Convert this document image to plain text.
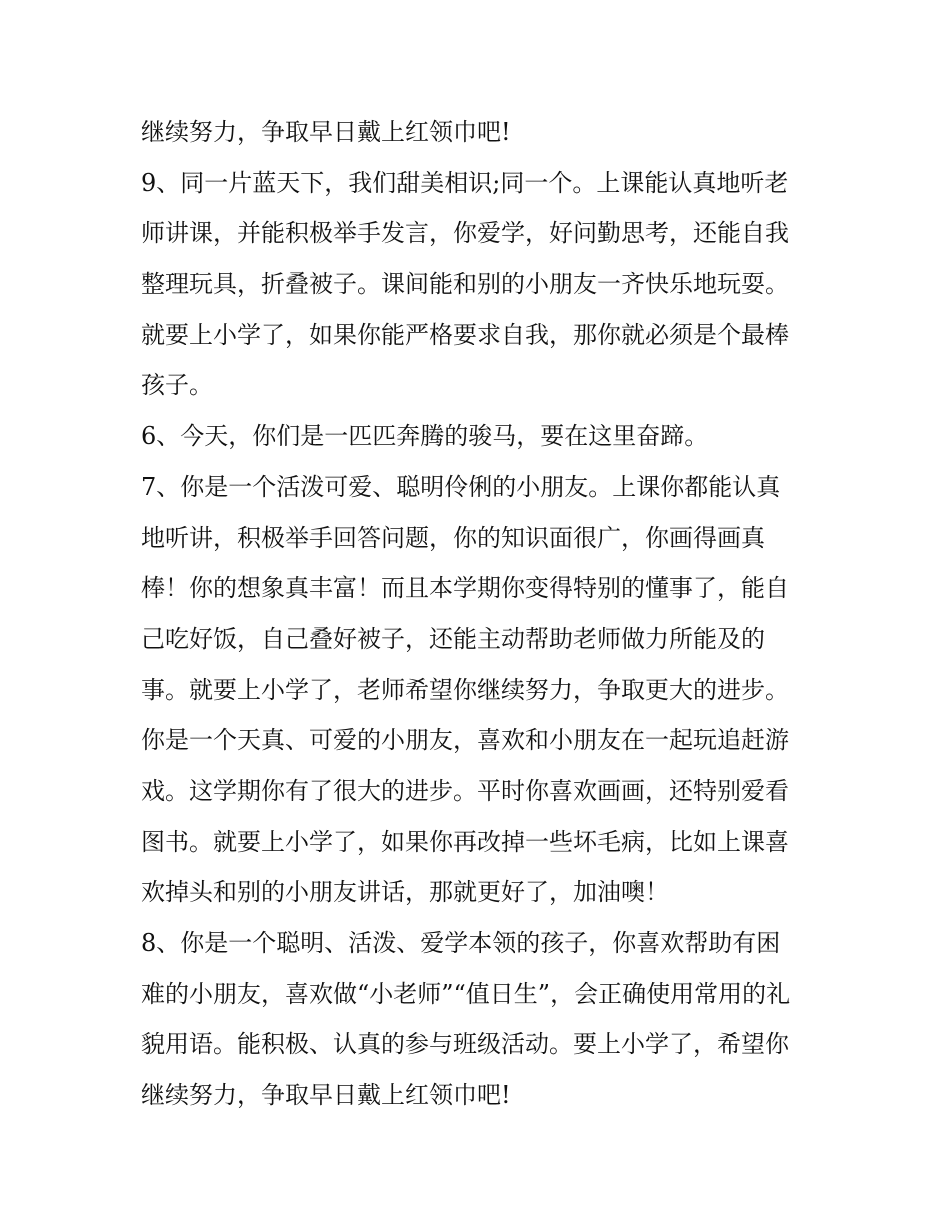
继续努力，争取早日戴上红领巾吧!
9、同一片蓝天下，我们甜美相识;同一个。上课能认真地听老
师讲课，并能积极举手发言，你爱学，好问勤思考，还能自我
整理玩具，折叠被子。课间能和别的小朋友一齐快乐地玩耍。
就要上小学了，如果你能严格要求自我，那你就必须是个最棒
孩子。
6、今天，你们是一匹匹奔腾的骏马，要在这里奋蹄。
7、你是一个活泼可爱、聪明伶俐的小朋友。上课你都能认真
地听讲，积极举手回答问题，你的知识面很广，你画得画真
棒！你的想象真丰富！而且本学期你变得特别的懂事了，能自
己吃好饭，自己叠好被子，还能主动帮助老师做力所能及的
事。就要上小学了，老师希望你继续努力，争取更大的进步。
你是一个天真、可爱的小朋友，喜欢和小朋友在一起玩追赶游
戏。这学期你有了很大的进步。平时你喜欢画画，还特别爱看
图书。就要上小学了，如果你再改掉一些坏毛病，比如上课喜
欢掉头和别的小朋友讲话，那就更好了，加油噢！
8、你是一个聪明、活泼、爱学本领的孩子，你喜欢帮助有困
难的小朋友，喜欢做“小老师”“值日生”，会正确使用常用的礼
貌用语。能积极、认真的参与班级活动。要上小学了，希望你
继续努力，争取早日戴上红领巾吧!
